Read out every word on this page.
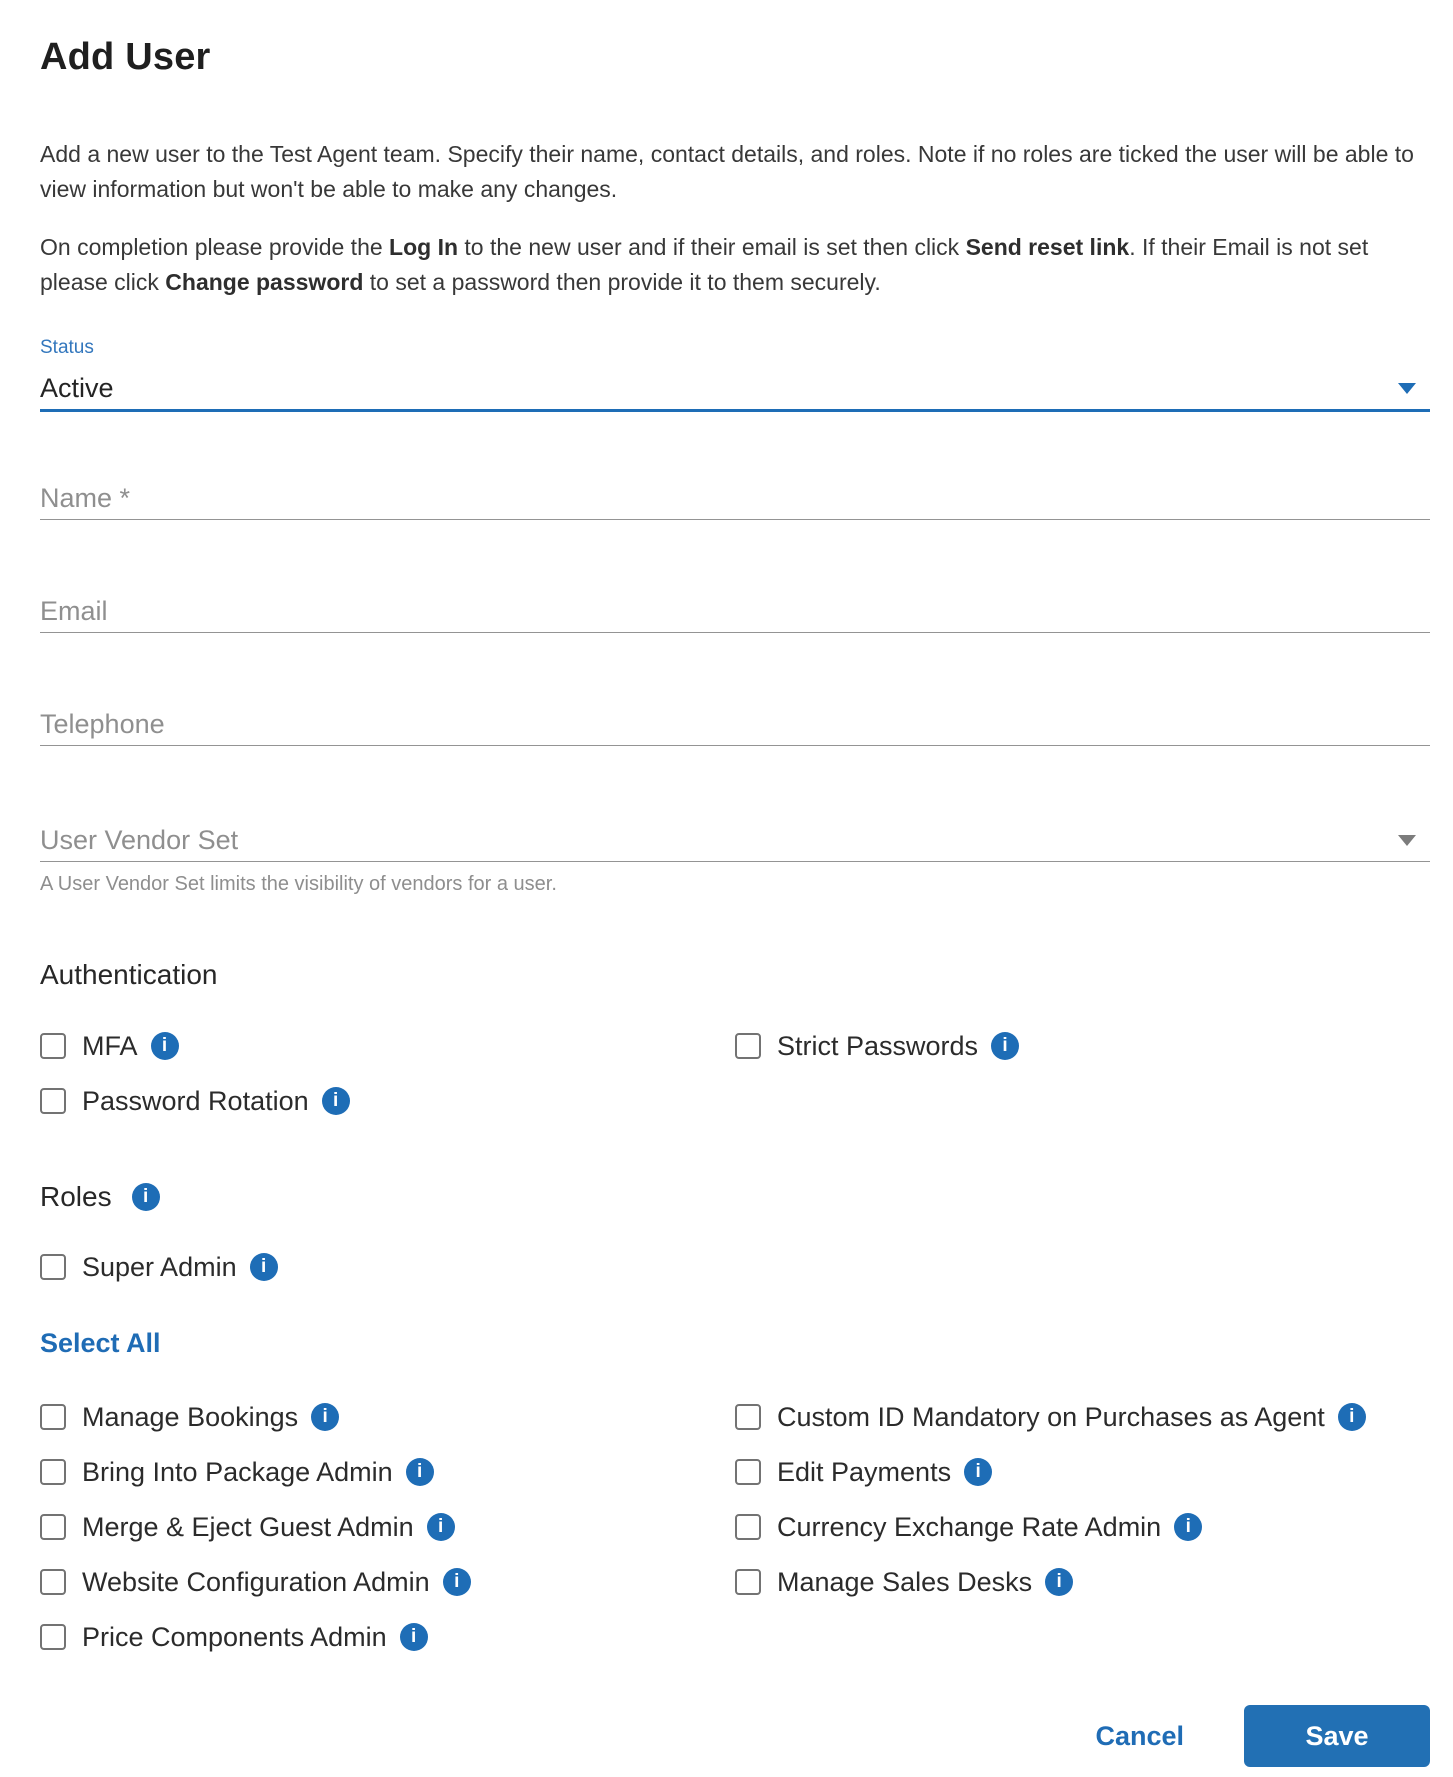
Add User

Add a new user to the Test Agent team. Specify their name, contact details, and roles. Note if no roles are ticked the user will be able to view information but won't be able to make any changes.

On completion please provide the Log In to the new user and if their email is set then click Send reset link. If their Email is not set please click Change password to set a password then provide it to them securely.

Status
Active
Name *
Email
Telephone
User Vendor Set
A User Vendor Set limits the visibility of vendors for a user.
Authentication
MFA	i	Strict Passwords	i
Password Rotation	i
Roles	i
Super Admin	i
Select All
Manage Bookings	i	Custom ID Mandatory on Purchases as Agent	i
Bring Into Package Admin	i	Edit Payments	i
Merge & Eject Guest Admin	i	Currency Exchange Rate Admin	i
Website Configuration Admin	i	Manage Sales Desks	i
Price Components Admin	i
Cancel	Save
